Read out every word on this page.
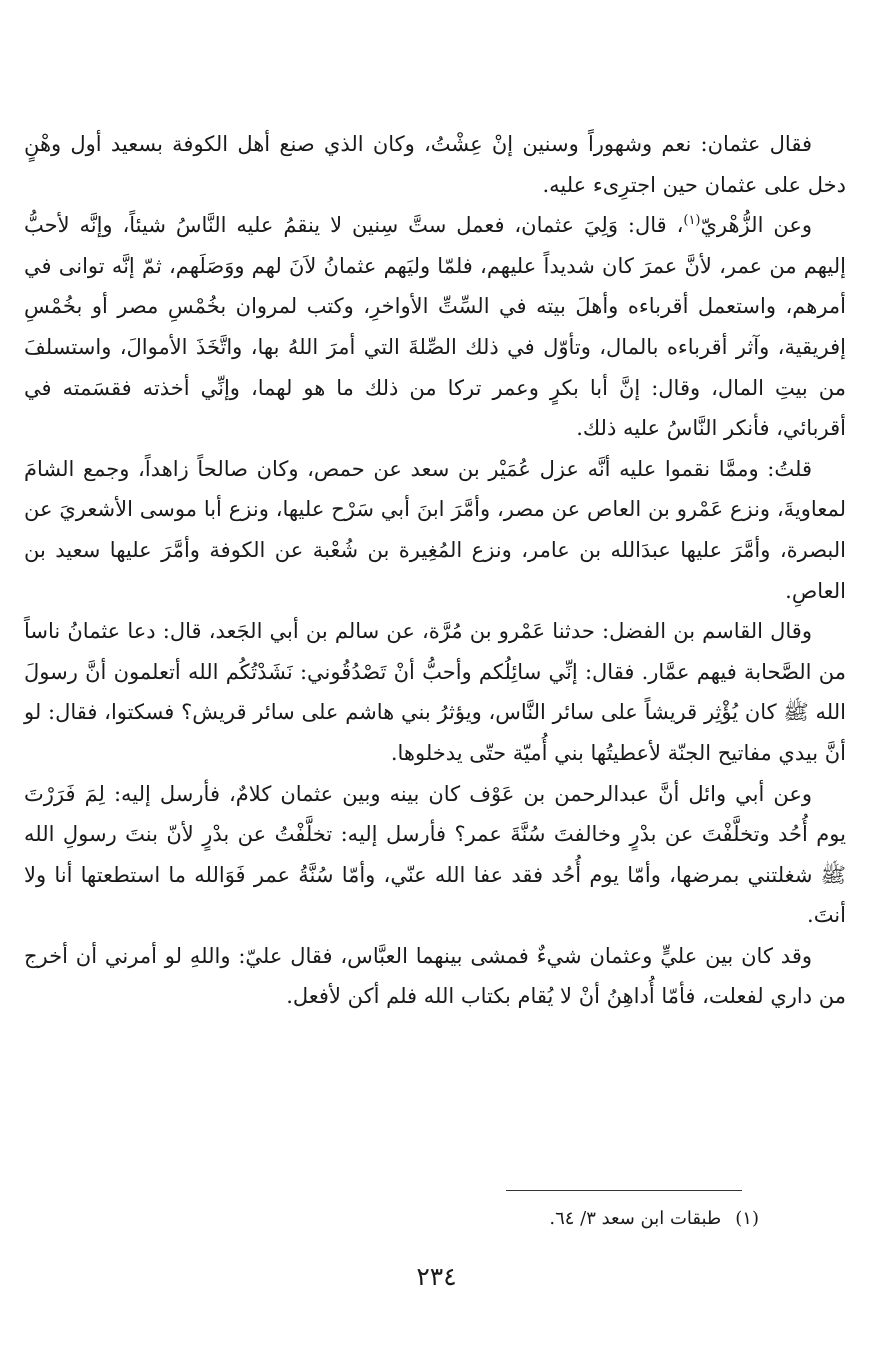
فقال عثمان: نعم وشهوراً وسنين إنْ عِشْتُ، وكان الذي صنع أهل الكوفة بسعيد أول وهْنٍ دخل على عثمان حين اجترِىء عليه.

وعن الزُّهْريّ$^{(١)}$، قال: وَلِيَ عثمان، فعمل ستَّ سِنين لا ينقمُ عليه النَّاسُ شيئاً، وإنَّه لأحبُّ إليهم من عمر، لأنَّ عمرَ كان شديداً عليهم، فلمّا وليَهم عثمانُ لاَنَ لهم ووَصَلَهم، ثمّ إنَّه توانى في أمرهم، واستعمل أقرباءه وأهلَ بيته في السِّتِّ الأواخرِ، وكتب لمروان بخُمْسِ مصر أو بخُمْسِ إفريقية، وآثر أقرباءه بالمال، وتأوّل في ذلك الصِّلةَ التي أمرَ اللهُ بها، واتَّخَذَ الأموالَ، واستسلفَ من بيتِ المال، وقال: إنَّ أبا بكرٍ وعمر تركا من ذلك ما هو لهما، وإنِّي أخذته فقسَمته في أقربائي، فأنكر النَّاسُ عليه ذلك.

قلتُ: وممَّا نقموا عليه أنَّه عزل عُمَيْر بن سعد عن حمص، وكان صالحاً زاهداً، وجمع الشامَ لمعاويةَ، ونزع عَمْرو بن العاص عن مصر، وأمَّرَ ابنَ أبي سَرْح عليها، ونزع أبا موسى الأشعريَ عن البصرة، وأمَّرَ عليها عبدَالله بن عامر، ونزع المُغِيرة بن شُعْبة عن الكوفة وأمَّرَ عليها سعيد بن العاصِ.

وقال القاسم بن الفضل: حدثنا عَمْرو بن مُرَّة، عن سالم بن أبي الجَعد، قال: دعا عثمانُ ناساً من الصَّحابة فيهم عمَّار. فقال: إنِّي سائِلُكم وأحبُّ أنْ تَصْدُقُوني: نَشَدْتُكُم الله أتعلمون أنَّ رسولَ الله ﷺ كان يُؤْثِر قريشاً على سائر النَّاس، ويؤثرُ بني هاشم على سائر قريش؟ فسكتوا، فقال: لو أنَّ بيدي مفاتيح الجنّة لأعطيتُها بني أُميّة حتّى يدخلوها.

وعن أبي وائل أنَّ عبدالرحمن بن عَوْف كان بينه وبين عثمان كلامٌ، فأرسل إليه: لِمَ فَرَرْتَ يوم أُحُد وتخلَّفْتَ عن بدْرٍ وخالفتَ سُنَّةَ عمر؟ فأرسل إليه: تخلَّفْتُ عن بدْرٍ لأنّ بنتَ رسولِ الله ﷺ شغلتني بمرضها، وأمّا يوم أُحُد فقد عفا الله عنّي، وأمّا سُنَّةُ عمر فَوَالله ما استطعتها أنا ولا أنتَ.

وقد كان بين عليٍّ وعثمان شيءٌ فمشى بينهما العبَّاس، فقال عليّ: واللهِ لو أمرني أن أخرج من داري لفعلت، فأمّا أُداهِنُ أنْ لا يُقام بكتاب الله فلم أكن لأفعل.

(١)طبقات ابن سعد ٣/ ٦٤.
٢٣٤
